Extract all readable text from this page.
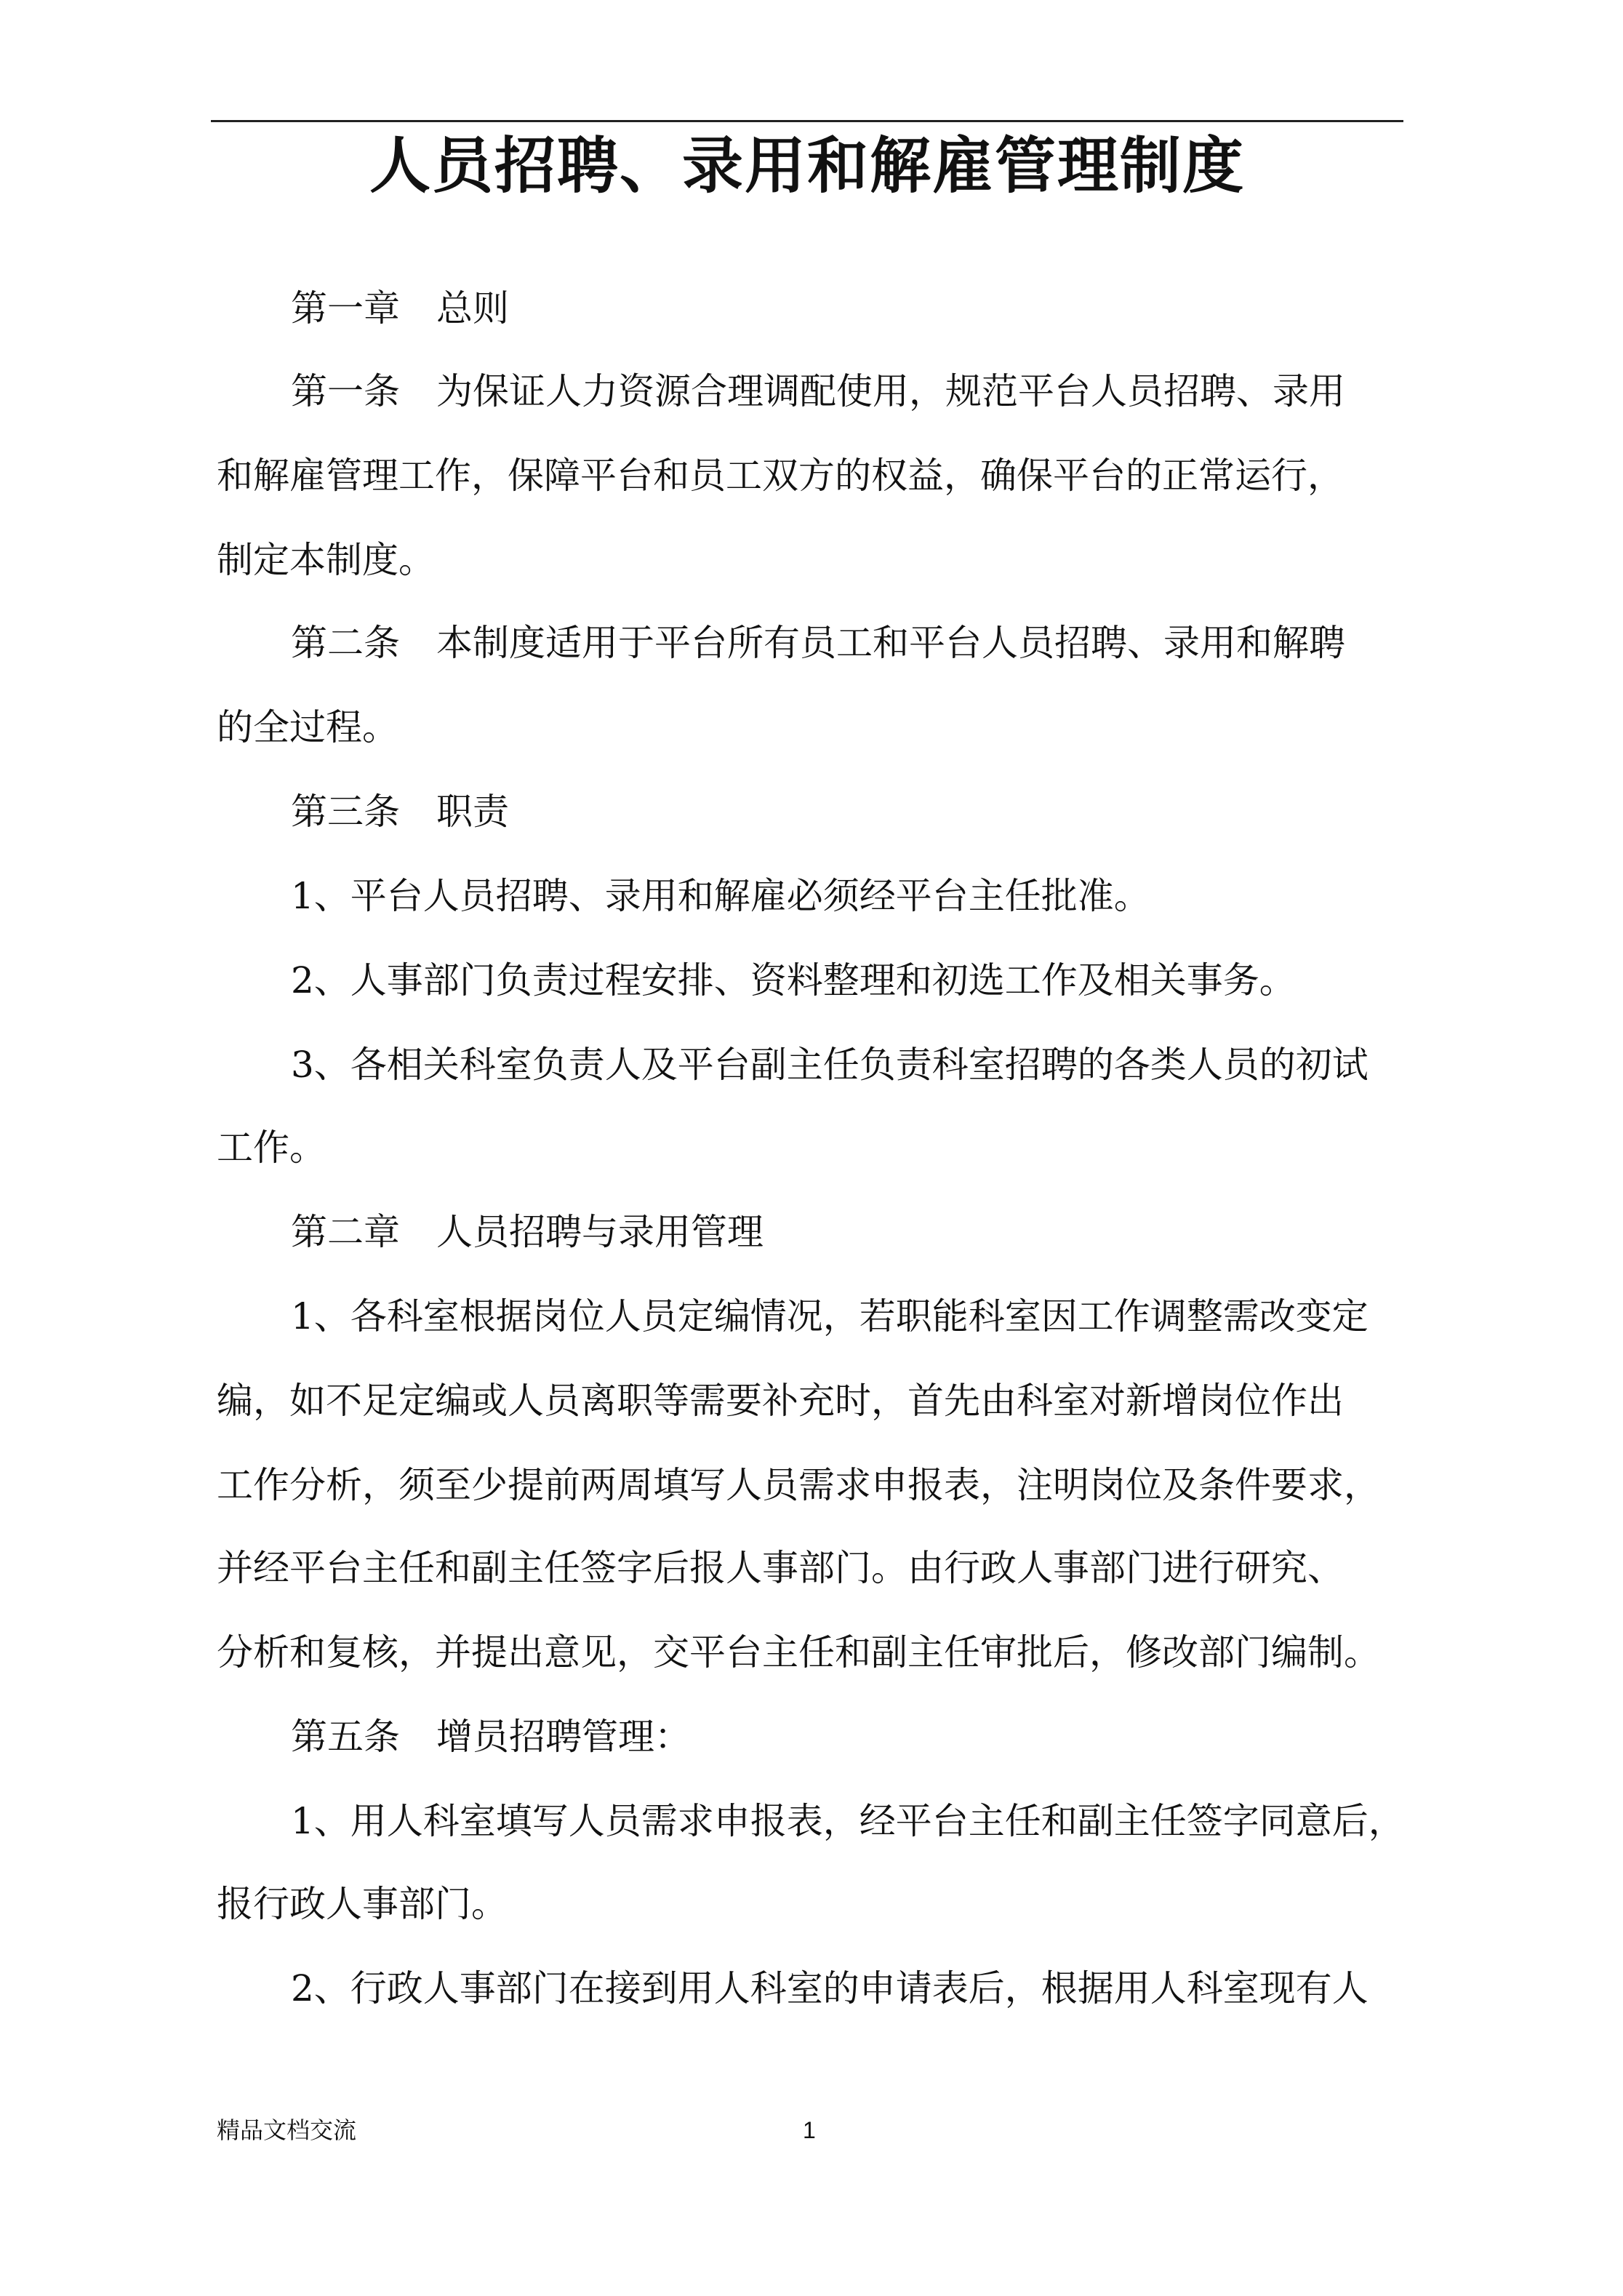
人员招聘、录用和解雇管理制度
第一章　总则
第一条　为保证人力资源合理调配使用，规范平台人员招聘、录用
和解雇管理工作，保障平台和员工双方的权益，确保平台的正常运行，
制定本制度。
第二条　本制度适用于平台所有员工和平台人员招聘、录用和解聘
的全过程。
第三条　职责
1、平台人员招聘、录用和解雇必须经平台主任批准。
2、人事部门负责过程安排、资料整理和初选工作及相关事务。
3、各相关科室负责人及平台副主任负责科室招聘的各类人员的初试
工作。
第二章　人员招聘与录用管理
1、各科室根据岗位人员定编情况，若职能科室因工作调整需改变定
编，如不足定编或人员离职等需要补充时，首先由科室对新增岗位作出
工作分析，须至少提前两周填写人员需求申报表，注明岗位及条件要求，
并经平台主任和副主任签字后报人事部门。由行政人事部门进行研究、
分析和复核，并提出意见，交平台主任和副主任审批后，修改部门编制。
第五条　增员招聘管理：
1、用人科室填写人员需求申报表，经平台主任和副主任签字同意后，
报行政人事部门。
2、行政人事部门在接到用人科室的申请表后，根据用人科室现有人
精品文档交流	1
